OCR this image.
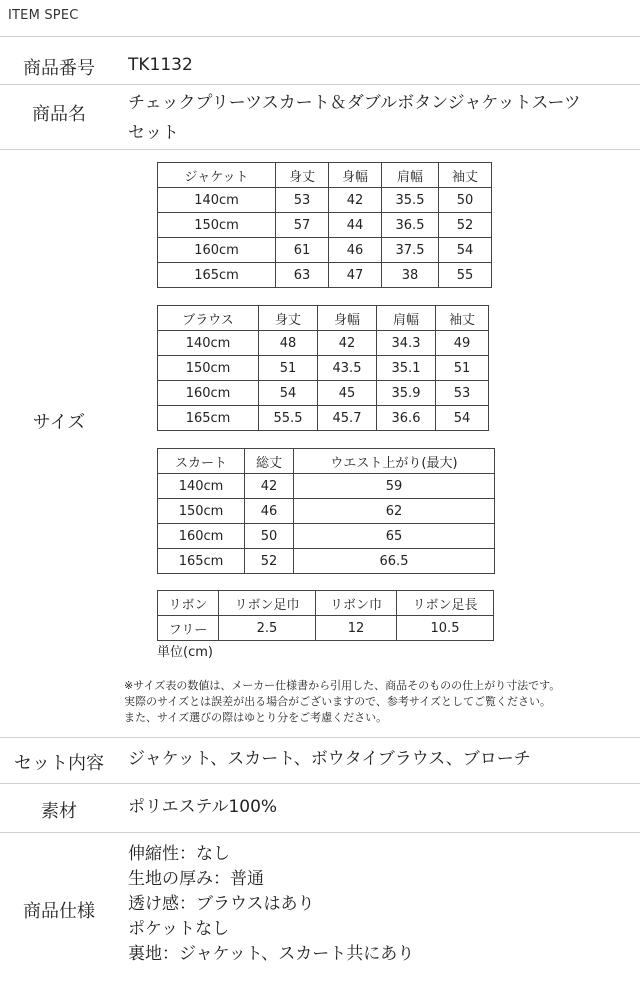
ITEM SPEC
商品番号	TK1132
商品名
チェックプリーツスカート＆ダブルボタンジャケットスーツ
セット
サイズ
ジャケット	身丈	身幅	肩幅	袖丈
140cm	53	42	35.5	50
150cm	57	44	36.5	52
160cm	61	46	37.5	54
165cm	63	47	38	55
ブラウス	身丈	身幅	肩幅	袖丈
140cm	48	42	34.3	49
150cm	51	43.5	35.1	51
160cm	54	45	35.9	53
165cm	55.5	45.7	36.6	54
スカート	総丈	ウエスト上がり(最大)
140cm	42	59
150cm	46	62
160cm	50	65
165cm	52	66.5
リボン	リボン足巾	リボン巾	リボン足長
フリー	2.5	12	10.5
単位(cm)
※サイズ表の数値は、メーカー仕様書から引用した、商品そのものの仕上がり寸法です。
実際のサイズとは誤差が出る場合がございますので、参考サイズとしてご覧ください。
また、サイズ選びの際はゆとり分をご考慮ください。
セット内容	ジャケット、スカート、ボウタイブラウス、ブローチ
素材	ポリエステル100%
商品仕様
伸縮性：なし
生地の厚み：普通
透け感：ブラウスはあり
ポケットなし
裏地：ジャケット、スカート共にあり
